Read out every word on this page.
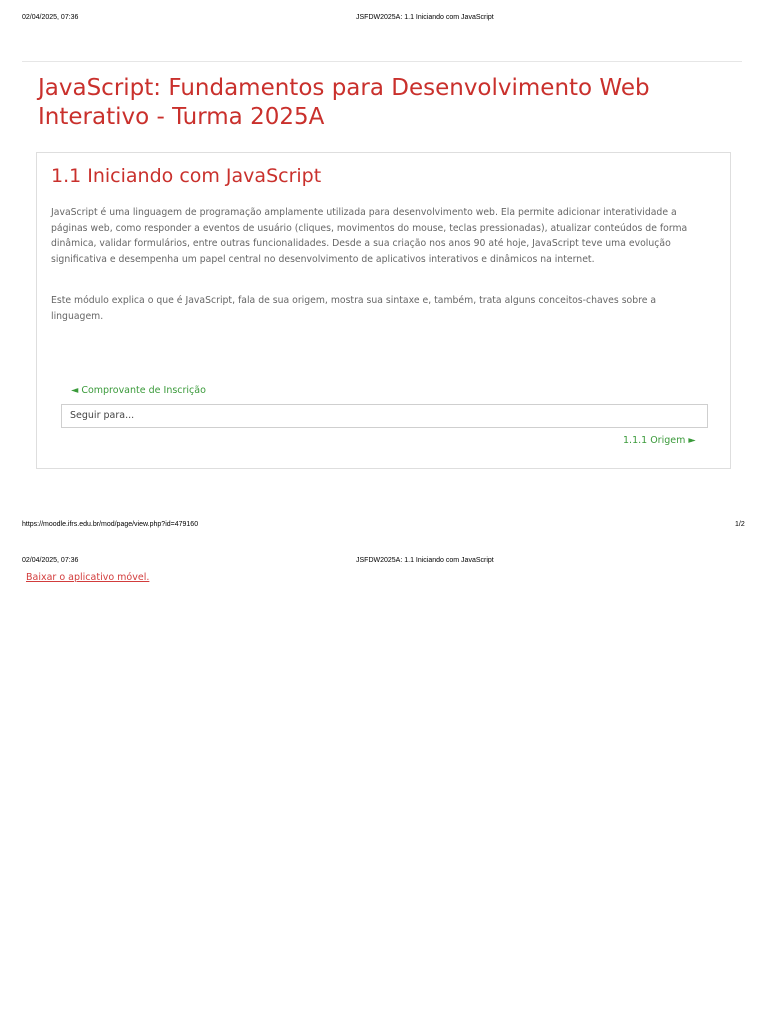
02/04/2025, 07:36	JSFDW2025A: 1.1 Iniciando com JavaScript
JavaScript: Fundamentos para Desenvolvimento Web Interativo - Turma 2025A
1.1 Iniciando com JavaScript

JavaScript é uma linguagem de programação amplamente utilizada para desenvolvimento web. Ela permite adicionar interatividade a páginas web, como responder a eventos de usuário (cliques, movimentos do mouse, teclas pressionadas), atualizar conteúdos de forma dinâmica, validar formulários, entre outras funcionalidades. Desde a sua criação nos anos 90 até hoje, JavaScript teve uma evolução significativa e desempenha um papel central no desenvolvimento de aplicativos interativos e dinâmicos na internet.

Este módulo explica o que é JavaScript, fala de sua origem, mostra sua sintaxe e, também, trata alguns conceitos-chaves sobre a linguagem.

◄ Comprovante de Inscrição
Seguir para...
1.1.1 Origem ►
https://moodle.ifrs.edu.br/mod/page/view.php?id=479160	1/2
02/04/2025, 07:36	JSFDW2025A: 1.1 Iniciando com JavaScript
Baixar o aplicativo móvel.
